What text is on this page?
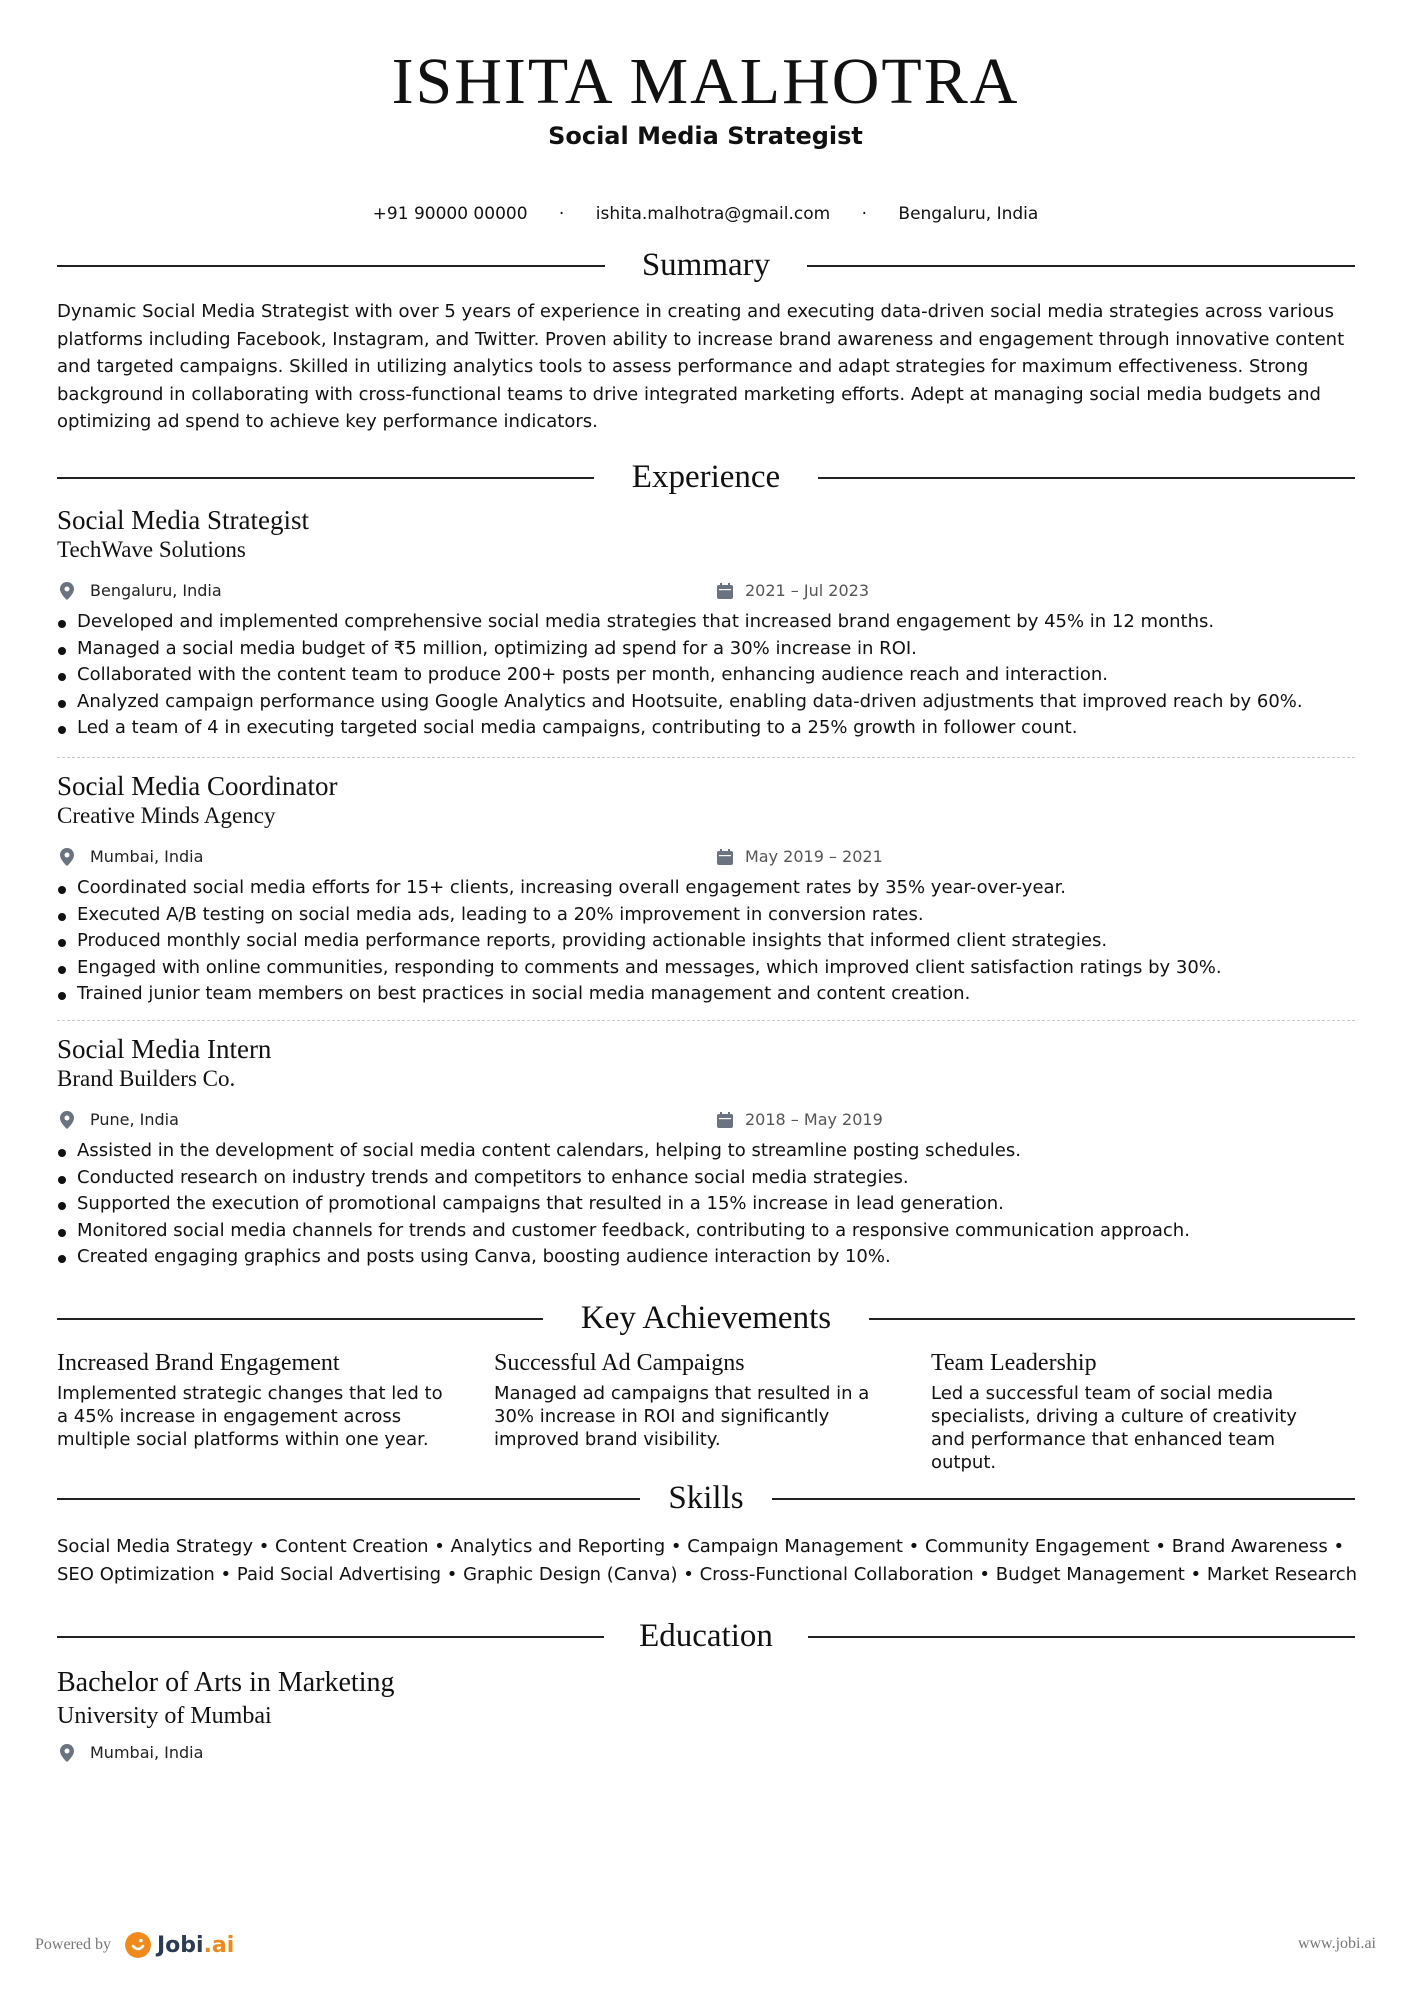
ISHITA MALHOTRA
Social Media Strategist
+91 90000 00000 · ishita.malhotra@gmail.com · Bengaluru, India
Summary
Dynamic Social Media Strategist with over 5 years of experience in creating and executing data-driven social media strategies across various platforms including Facebook, Instagram, and Twitter. Proven ability to increase brand awareness and engagement through innovative content and targeted campaigns. Skilled in utilizing analytics tools to assess performance and adapt strategies for maximum effectiveness. Strong background in collaborating with cross-functional teams to drive integrated marketing efforts. Adept at managing social media budgets and optimizing ad spend to achieve key performance indicators.
Experience
Social Media Strategist
TechWave Solutions
Bengaluru, India	2021 – Jul 2023
Developed and implemented comprehensive social media strategies that increased brand engagement by 45% in 12 months.
Managed a social media budget of ₹5 million, optimizing ad spend for a 30% increase in ROI.
Collaborated with the content team to produce 200+ posts per month, enhancing audience reach and interaction.
Analyzed campaign performance using Google Analytics and Hootsuite, enabling data-driven adjustments that improved reach by 60%.
Led a team of 4 in executing targeted social media campaigns, contributing to a 25% growth in follower count.
Social Media Coordinator
Creative Minds Agency
Mumbai, India	May 2019 – 2021
Coordinated social media efforts for 15+ clients, increasing overall engagement rates by 35% year-over-year.
Executed A/B testing on social media ads, leading to a 20% improvement in conversion rates.
Produced monthly social media performance reports, providing actionable insights that informed client strategies.
Engaged with online communities, responding to comments and messages, which improved client satisfaction ratings by 30%.
Trained junior team members on best practices in social media management and content creation.
Social Media Intern
Brand Builders Co.
Pune, India	2018 – May 2019
Assisted in the development of social media content calendars, helping to streamline posting schedules.
Conducted research on industry trends and competitors to enhance social media strategies.
Supported the execution of promotional campaigns that resulted in a 15% increase in lead generation.
Monitored social media channels for trends and customer feedback, contributing to a responsive communication approach.
Created engaging graphics and posts using Canva, boosting audience interaction by 10%.
Key Achievements
Increased Brand Engagement
Implemented strategic changes that led to a 45% increase in engagement across multiple social platforms within one year.
Successful Ad Campaigns
Managed ad campaigns that resulted in a 30% increase in ROI and significantly improved brand visibility.
Team Leadership
Led a successful team of social media specialists, driving a culture of creativity and performance that enhanced team output.
Skills
Social Media Strategy • Content Creation • Analytics and Reporting • Campaign Management • Community Engagement • Brand Awareness • SEO Optimization • Paid Social Advertising • Graphic Design (Canva) • Cross-Functional Collaboration • Budget Management • Market Research
Education
Bachelor of Arts in Marketing
University of Mumbai
Mumbai, India
Powered by Jobi.ai	www.jobi.ai
